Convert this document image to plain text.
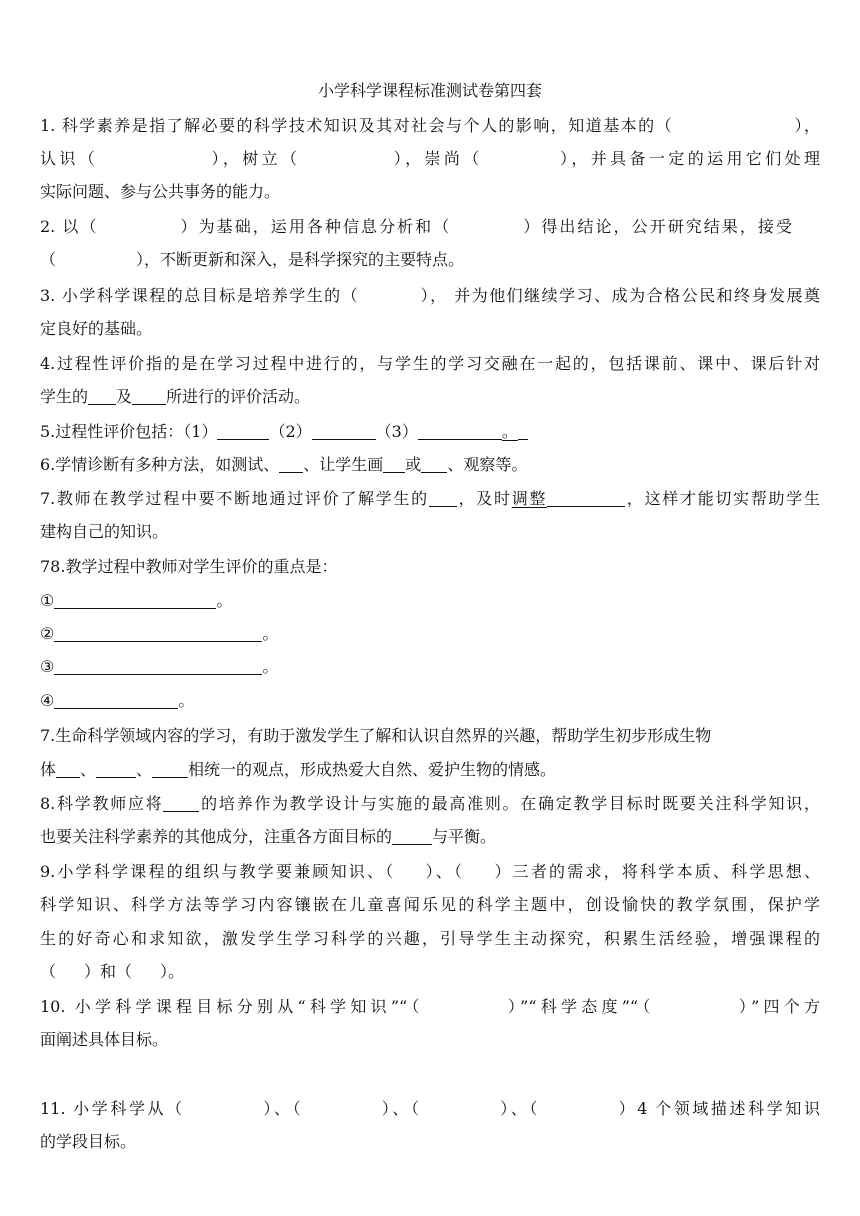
小学科学课程标准测试卷第四套
1. 科学素养是指了解必要的科学技术知识及其对社会与个人的影响，知道基本的（	），
认识（	），树立（	），崇尚（	），并具备一定的运用它们处理
实际问题、参与公共事务的能力。
2. 以（	）为基础，运用各种信息分析和（	）得出结论，公开研究结果，接受
（	），不断更新和深入，是科学探究的主要特点。
3. 小学科学课程的总目标是培养学生的（	）， 并为他们继续学习、成为合格公民和终身发展奠
定良好的基础。
4.过程性评价指的是在学习过程中进行的，与学生的学习交融在一起的，包括课前、课中、课后针对
学生的 及 所进行的评价活动。
5.过程性评价包括：（1）	（2）	（3）	。
6.学情诊断有多种方法，如测试、 、让学生画 或 、观察等。
7.教师在教学过程中要不断地通过评价了解学生的 ，及时调整	，这样才能切实帮助学生
建构自己的知识。
78.教学过程中教师对学生评价的重点是：
①	。
②	。
③	。
④	。
7.生命科学领域内容的学习，有助于激发学生了解和认识自然界的兴趣，帮助学生初步形成生物
体 、	、 相统一的观点，形成热爱大自然、爱护生物的情感。
8.科学教师应将 的培养作为教学设计与实施的最高准则。在确定教学目标时既要关注科学知识，
也要关注科学素养的其他成分，注重各方面目标的	与平衡。
9.小学科学课程的组织与教学要兼顾知识、（ ）、（ ）三者的需求，将科学本质、科学思想、
科学知识、科学方法等学习内容镶嵌在儿童喜闻乐见的科学主题中，创设愉快的教学氛围，保护学
生的好奇心和求知欲，激发学生学习科学的兴趣，引导学生主动探究，积累生活经验，增强课程的
（ ）和（ ）。
10. 小学科学课程目标分别从“科学知识”“（	）”“科学态度”“（	）”四个方
面阐述具体目标。
11. 小学科学从（	）、（	）、（	）、（	）4 个领域描述科学知识
的学段目标。
